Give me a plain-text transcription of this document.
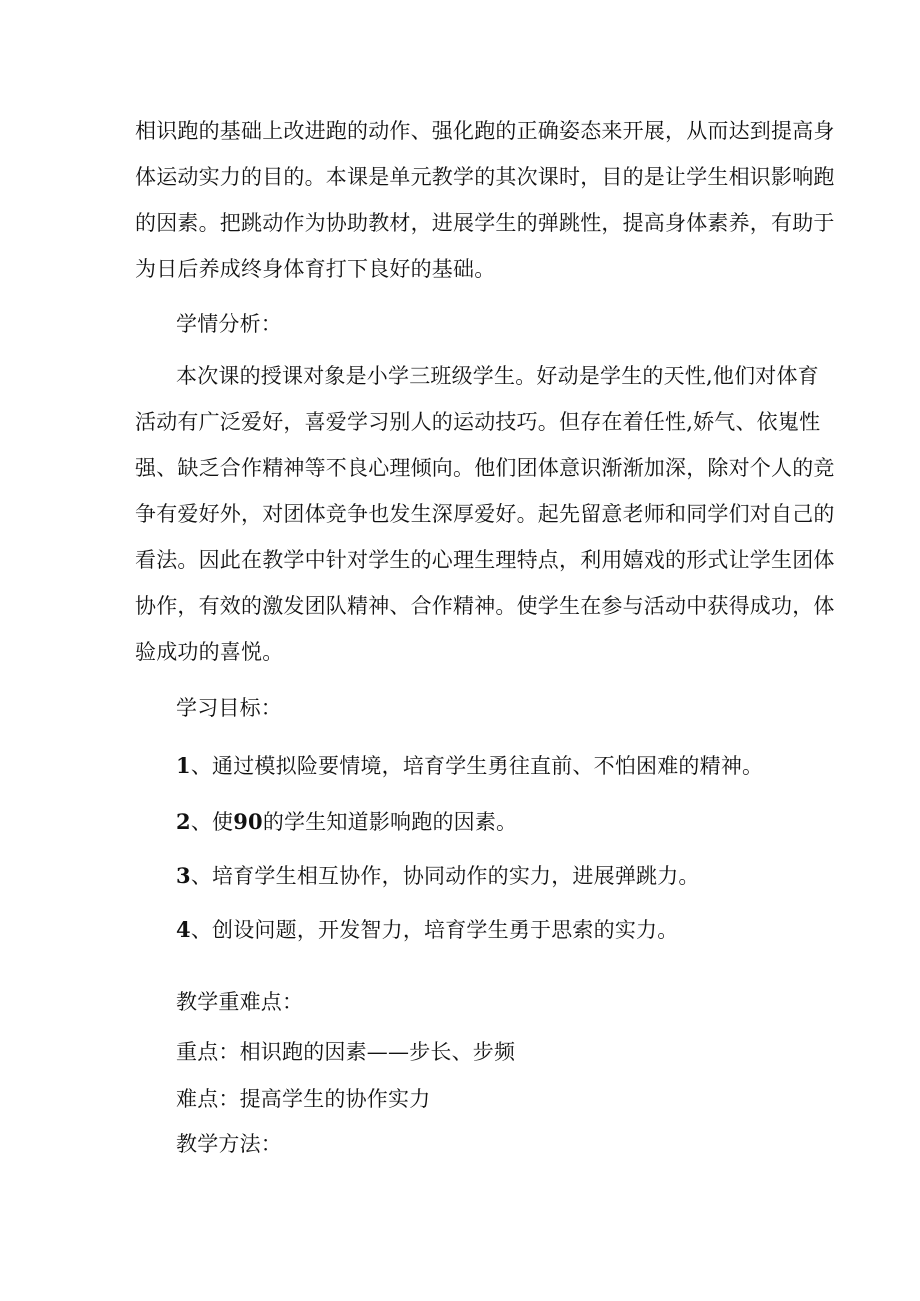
相识跑的基础上改进跑的动作、强化跑的正确姿态来开展，从而达到提高身
体运动实力的目的。本课是单元教学的其次课时，目的是让学生相识影响跑
的因素。把跳动作为协助教材，进展学生的弹跳性，提高身体素养，有助于
为日后养成终身体育打下良好的基础。
学情分析：
本次课的授课对象是小学三班级学生。好动是学生的天性,他们对体育
活动有广泛爱好，喜爱学习别人的运动技巧。但存在着任性,娇气、依嵬性
强、缺乏合作精神等不良心理倾向。他们团体意识渐渐加深，除对个人的竞
争有爱好外，对团体竞争也发生深厚爱好。起先留意老师和同学们对自己的
看法。因此在教学中针对学生的心理生理特点，利用嬉戏的形式让学生团体
协作，有效的激发团队精神、合作精神。使学生在参与活动中获得成功，体
验成功的喜悦。
学习目标：
1、通过模拟险要情境，培育学生勇往直前、不怕困难的精神。
2、使90的学生知道影响跑的因素。
3、培育学生相互协作，协同动作的实力，进展弹跳力。
4、创设问题，开发智力，培育学生勇于思索的实力。
教学重难点：
重点：相识跑的因素——步长、步频
难点：提高学生的协作实力
教学方法：
